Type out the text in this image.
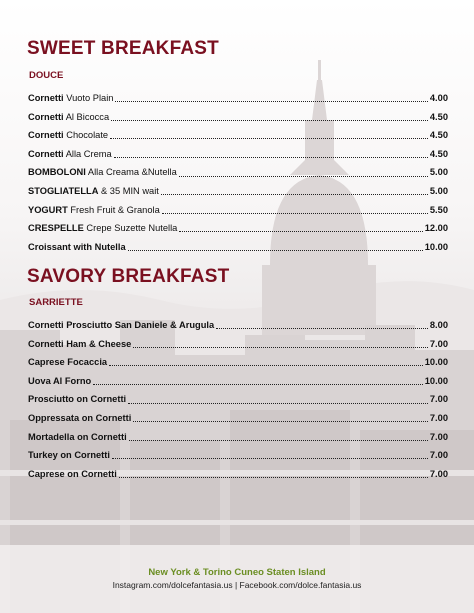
SWEET BREAKFAST
DOUCE
Cornetti Vuoto Plain	4.00
Cornetti Al Bicocca	4.50
Cornetti Chocolate	4.50
Cornetti Alla Crema	4.50
BOMBOLONI Alla Creama &Nutella	5.00
STOGLIATELLA & 35 MIN wait	5.00
YOGURT Fresh Fruit & Granola	5.50
CRESPELLE Crepe Suzette Nutella	12.00
Croissant with Nutella	10.00
SAVORY BREAKFAST
SARRIETTE
Cornetti Prosciutto San Daniele & Arugula	8.00
Cornetti Ham & Cheese	7.00
Caprese Focaccia	10.00
Uova Al Forno	10.00
Prosciutto on Cornetti	7.00
Oppressata on Cornetti	7.00
Mortadella on Cornetti	7.00
Turkey on Cornetti	7.00
Caprese on Cornetti	7.00
New York & Torino Cuneo Staten Island
Instagram.com/dolcefantasia.us | Facebook.com/dolce.fantasia.us
